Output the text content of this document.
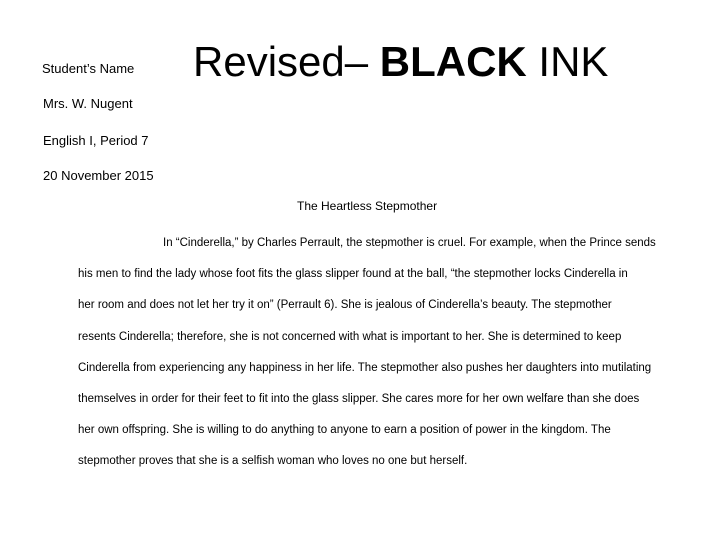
Student’s Name Revised– BLACK INK
Mrs. W. Nugent
English I, Period 7
20 November 2015
The Heartless Stepmother

In “Cinderella,” by Charles Perrault, the stepmother is cruel. For example, when the Prince sends

his men to find the lady whose foot fits the glass slipper found at the ball, “the stepmother locks Cinderella in

her room and does not let her try it on” (Perrault 6). She is jealous of Cinderella’s beauty. The stepmother

resents Cinderella; therefore, she is not concerned with what is important to her. She is determined to keep

Cinderella from experiencing any happiness in her life. The stepmother also pushes her daughters into mutilating

themselves in order for their feet to fit into the glass slipper. She cares more for her own welfare than she does

her own offspring. She is willing to do anything to anyone to earn a position of power in the kingdom. The

stepmother proves that she is a selfish woman who loves no one but herself.
